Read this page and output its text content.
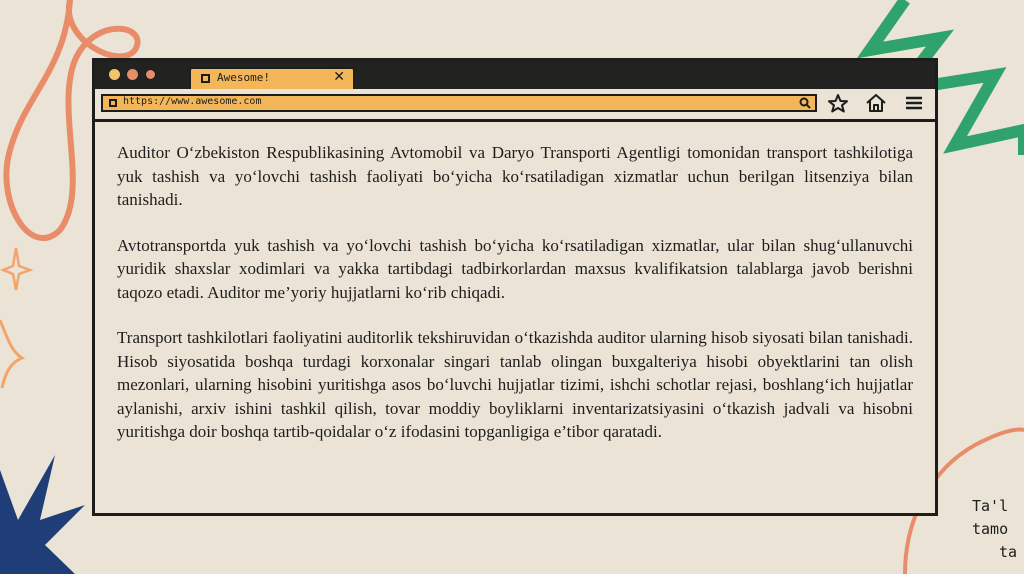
Awesome!	✕
https://www.awesome.com

Auditor O‘zbekiston Respublikasining Avtomobil va Daryo Transporti Agentligi tomonidan transport tashkilotiga yuk tashish va yo‘lovchi tashish faoliyati bo‘yicha ko‘rsatiladigan xizmatlar uchun berilgan litsenziya bilan tanishadi.

Avtotransportda yuk tashish va yo‘lovchi tashish bo‘yicha ko‘rsatiladigan xizmatlar, ular bilan shug‘ullanuvchi yuridik shaxslar xodimlari va yakka tartibdagi tadbirkorlardan maxsus kvalifikatsion talablarga javob berishni taqozo etadi. Auditor me’yoriy hujjatlarni ko‘rib chiqadi.

Transport tashkilotlari faoliyatini auditorlik tekshiruvidan o‘tkazishda auditor ularning hisob siyosati bilan tanishadi. Hisob siyosatida boshqa turdagi korxonalar singari tanlab olingan buxgalteriya hisobi obyektlarini tan olish mezonlari, ularning hisobini yuritishga asos bo‘luvchi hujjatlar tizimi, ishchi schotlar rejasi, boshlang‘ich hujjatlar aylanishi, arxiv ishini tashkil qilish, tovar moddiy boyliklarni inventarizatsiyasini o‘tkazish jadvali va hisobni yuritishga doir boshqa tartib-qoidalar o‘z ifodasini topganligiga e’tibor qaratadi.

Ta'l
tamo
ta
